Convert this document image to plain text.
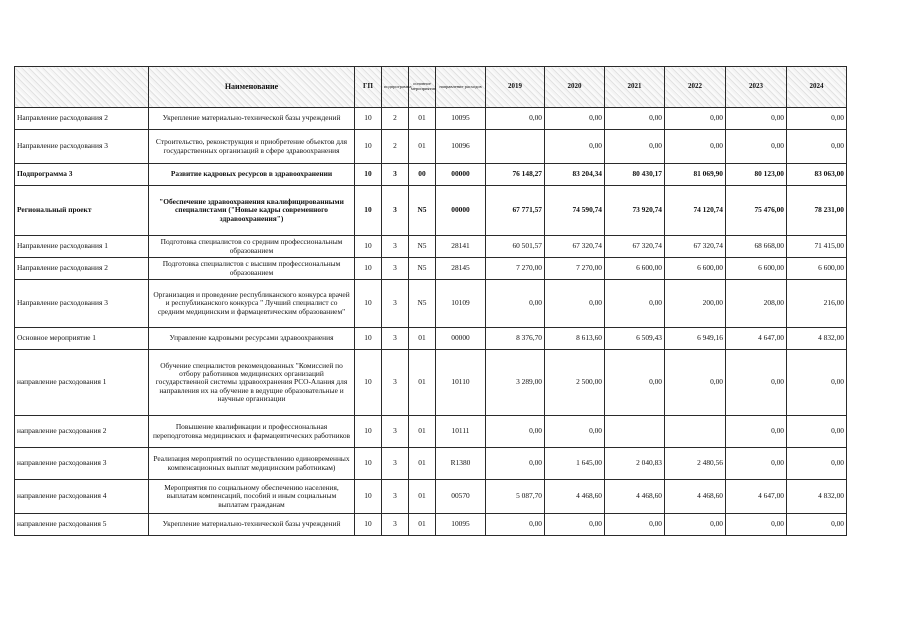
	Наименование	ГП	подпрограмма	основное мероприятие	направление расходов	2019	2020	2021	2022	2023	2024
Направление расходования 2	Укрепление материально-технической базы учреждений	10	2	01	10095	0,00	0,00	0,00	0,00	0,00	0,00
Направление расходования 3	Строительство, реконструкция и приобретение объектов для государственных организаций в сфере здравоохранения	10	2	01	10096		0,00	0,00	0,00	0,00	0,00
Подпрограмма 3	Развитие кадровых ресурсов в здравоохранении	10	3	00	00000	76 148,27	83 204,34	80 430,17	81 069,90	80 123,00	83 063,00
Региональный проект	"Обеспечение здравоохранения квалифицированными специалистами ("Новые кадры современного здравоохранения")	10	3	N5	00000	67 771,57	74 590,74	73 920,74	74 120,74	75 476,00	78 231,00
Направление расходования 1	Подготовка специалистов со средним профессиональным образованием	10	3	N5	28141	60 501,57	67 320,74	67 320,74	67 320,74	68 668,00	71 415,00
Направление расходования 2	Подготовка специалистов с высшим профессиональным образованием	10	3	N5	28145	7 270,00	7 270,00	6 600,00	6 600,00	6 600,00	6 600,00
Направление расходования 3	Организация и проведение республиканского конкурса врачей и республиканского конкурса " Лучший специалист со средним медицинским и фармацевтическим образованием"	10	3	N5	10109	0,00	0,00	0,00	200,00	208,00	216,00
Основное мероприятие 1	Управление кадровыми ресурсами здравоохранения	10	3	01	00000	8 376,70	8 613,60	6 509,43	6 949,16	4 647,00	4 832,00
направление расходования 1	Обучение специалистов рекомендованных "Комиссией по отбору работников медицинских организаций государственной системы здравоохранения РСО-Алания для направления их на обучение в ведущие образовательные и научные организации	10	3	01	10110	3 289,00	2 500,00	0,00	0,00	0,00	0,00
направление расходования 2	Повышение квалификации и профессиональная переподготовка медицинских и фармацевтических работников	10	3	01	10111	0,00	0,00			0,00	0,00
направление расходования 3	Реализация мероприятий по осуществлению единовременных компенсационных выплат медицинским работникам)	10	3	01	R1380	0,00	1 645,00	2 040,83	2 480,56	0,00	0,00
направление расходования 4	Мероприятия по социальному обеспечению населения, выплатам компенсаций, пособий и иным социальным выплатам гражданам	10	3	01	00570	5 087,70	4 468,60	4 468,60	4 468,60	4 647,00	4 832,00
направление расходования 5	Укрепление материально-технической базы учреждений	10	3	01	10095	0,00	0,00	0,00	0,00	0,00	0,00
